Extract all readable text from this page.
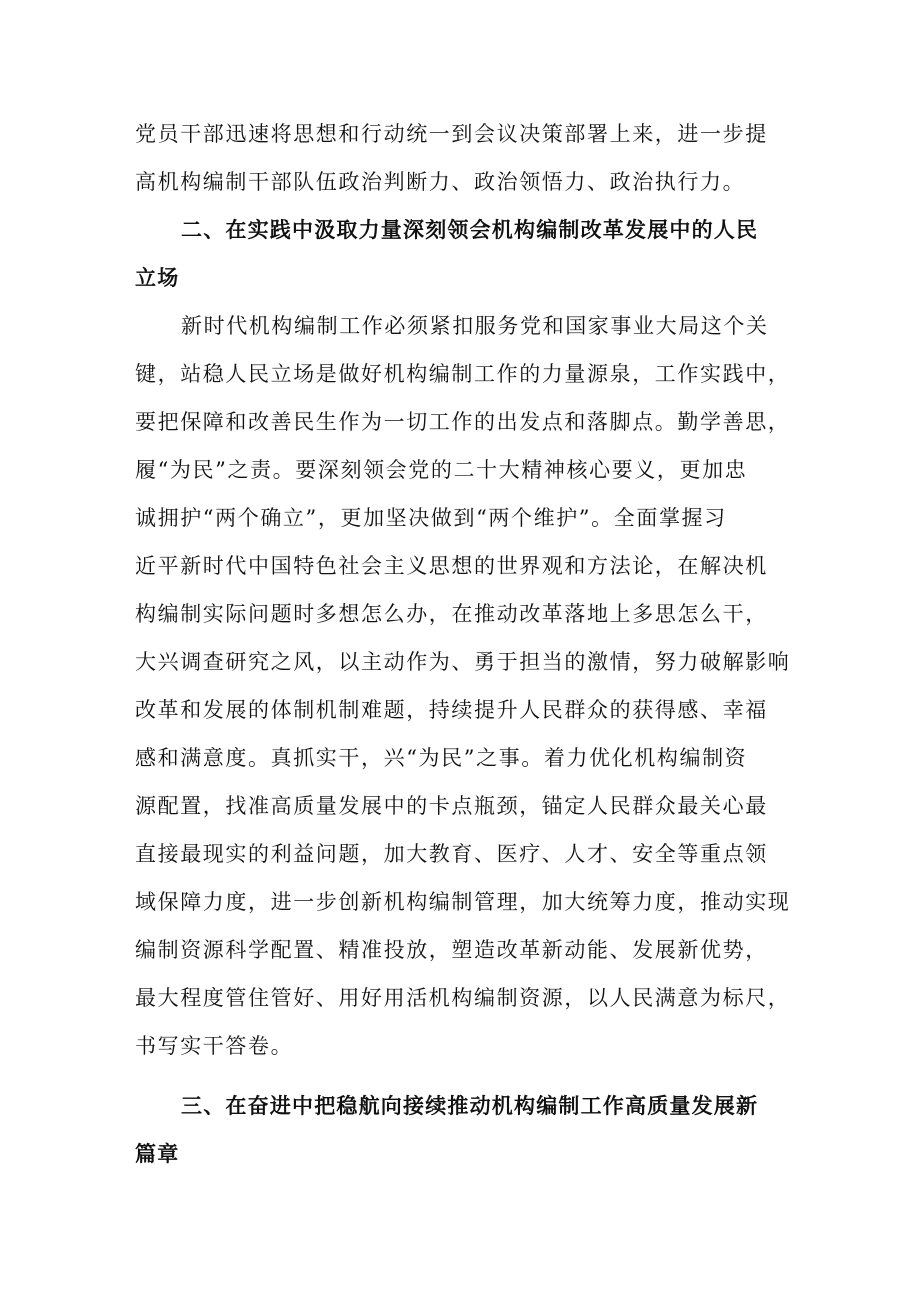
党员干部迅速将思想和行动统一到会议决策部署上来，进一步提
高机构编制干部队伍政治判断力、政治领悟力、政治执行力。
二、在实践中汲取力量深刻领会机构编制改革发展中的人民
立场
新时代机构编制工作必须紧扣服务党和国家事业大局这个关
键，站稳人民立场是做好机构编制工作的力量源泉，工作实践中，
要把保障和改善民生作为一切工作的出发点和落脚点。勤学善思，
履“为民”之责。要深刻领会党的二十大精神核心要义，更加忠
诚拥护“两个确立”，更加坚决做到“两个维护”。全面掌握习
近平新时代中国特色社会主义思想的世界观和方法论，在解决机
构编制实际问题时多想怎么办，在推动改革落地上多思怎么干，
大兴调查研究之风，以主动作为、勇于担当的激情，努力破解影响
改革和发展的体制机制难题，持续提升人民群众的获得感、幸福
感和满意度。真抓实干，兴“为民”之事。着力优化机构编制资
源配置，找准高质量发展中的卡点瓶颈，锚定人民群众最关心最
直接最现实的利益问题，加大教育、医疗、人才、安全等重点领
域保障力度，进一步创新机构编制管理，加大统筹力度，推动实现
编制资源科学配置、精准投放，塑造改革新动能、发展新优势，
最大程度管住管好、用好用活机构编制资源，以人民满意为标尺，
书写实干答卷。
三、在奋进中把稳航向接续推动机构编制工作高质量发展新
篇章
